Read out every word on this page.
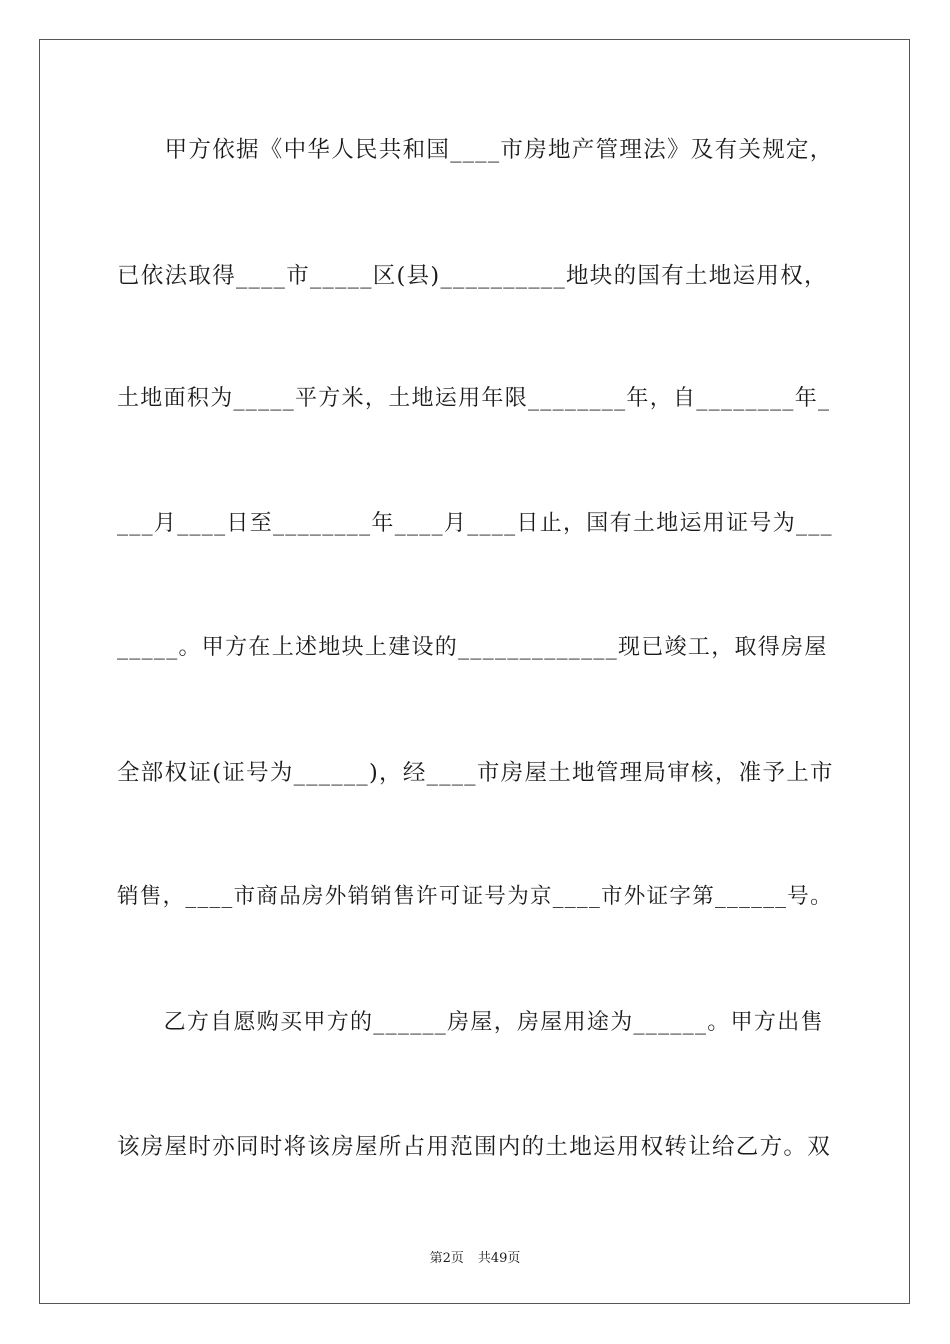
　　甲方依据《中华人民共和国____市房地产管理法》及有关规定，
已依法取得____市_____区(县)__________地块的国有土地运用权，
土地面积为_____平方米，土地运用年限________年，自________年_
___月____日至________年____月____日止，国有土地运用证号为___
_____。甲方在上述地块上建设的_____________现已竣工，取得房屋
全部权证(证号为______)，经____市房屋土地管理局审核，准予上市
销售，____市商品房外销销售许可证号为京____市外证字第______号。
　　乙方自愿购买甲方的______房屋，房屋用途为______。甲方出售
该房屋时亦同时将该房屋所占用范围内的土地运用权转让给乙方。双
第2页 共49页
